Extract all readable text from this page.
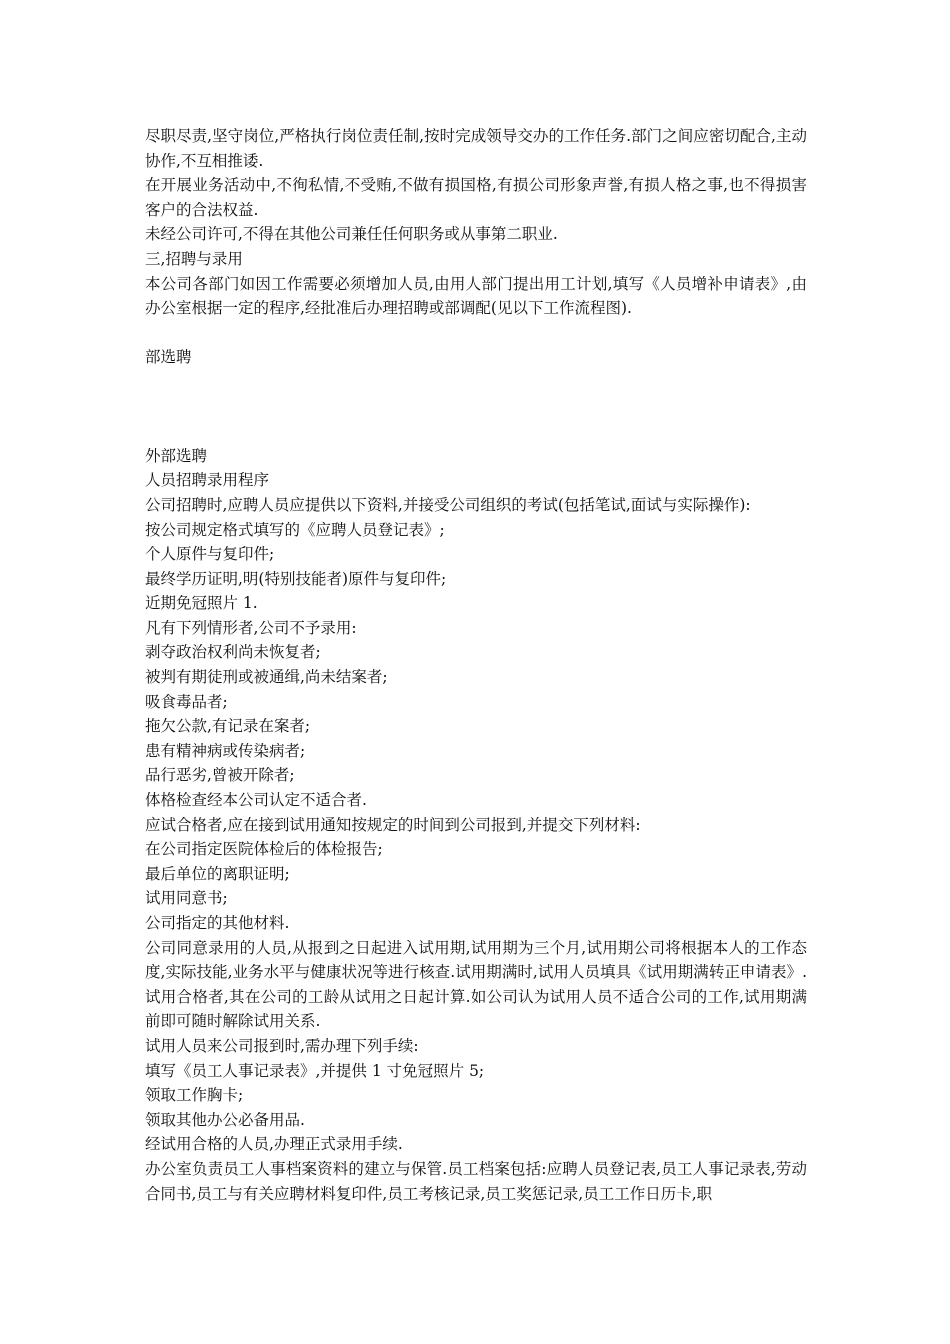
尽职尽责,坚守岗位,严格执行岗位责任制,按时完成领导交办的工作任务.部门之间应密切配合,主动协作,不互相推诿.

在开展业务活动中,不徇私情,不受贿,不做有损国格,有损公司形象声誉,有损人格之事,也不得损害客户的合法权益.

未经公司许可,不得在其他公司兼任任何职务或从事第二职业.

三,招聘与录用

本公司各部门如因工作需要必须增加人员,由用人部门提出用工计划,填写《人员增补申请表》,由办公室根据一定的程序,经批准后办理招聘或部调配(见以下工作流程图).

部选聘

外部选聘

人员招聘录用程序

公司招聘时,应聘人员应提供以下资料,并接受公司组织的考试(包括笔试,面试与实际操作):

按公司规定格式填写的《应聘人员登记表》;

个人原件与复印件;

最终学历证明,明(特别技能者)原件与复印件;

近期免冠照片 1.

凡有下列情形者,公司不予录用:

剥夺政治权利尚未恢复者;

被判有期徒刑或被通缉,尚未结案者;

吸食毒品者;

拖欠公款,有记录在案者;

患有精神病或传染病者;

品行恶劣,曾被开除者;

体格检查经本公司认定不适合者.

应试合格者,应在接到试用通知按规定的时间到公司报到,并提交下列材料:

在公司指定医院体检后的体检报告;

最后单位的离职证明;

试用同意书;

公司指定的其他材料.

公司同意录用的人员,从报到之日起进入试用期,试用期为三个月,试用期公司将根据本人的工作态度,实际技能,业务水平与健康状况等进行核查.试用期满时,试用人员填具《试用期满转正申请表》.试用合格者,其在公司的工龄从试用之日起计算.如公司认为试用人员不适合公司的工作,试用期满前即可随时解除试用关系.

试用人员来公司报到时,需办理下列手续:

填写《员工人事记录表》,并提供 1 寸免冠照片 5;

领取工作胸卡;

领取其他办公必备用品.

经试用合格的人员,办理正式录用手续.

办公室负责员工人事档案资料的建立与保管.员工档案包括:应聘人员登记表,员工人事记录表,劳动合同书,员工与有关应聘材料复印件,员工考核记录,员工奖惩记录,员工工作日历卡,职
